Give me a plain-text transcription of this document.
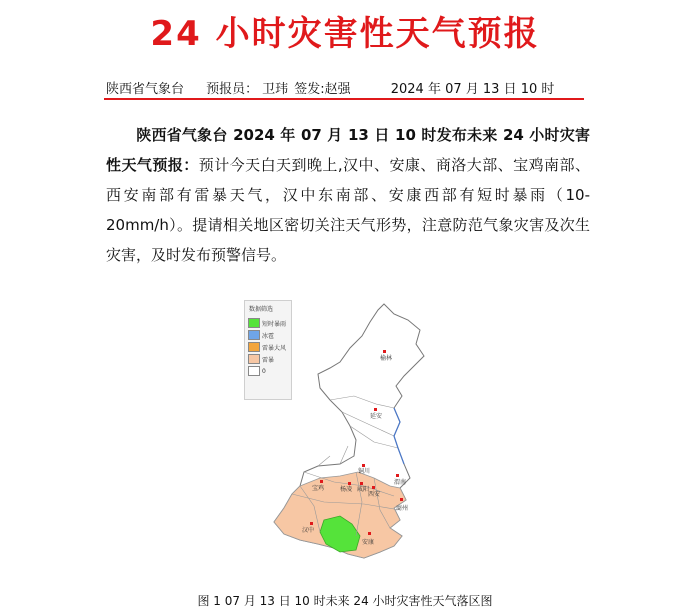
24 小时灾害性天气预报
陕西省气象台 预报员： 卫玮 签发:赵强	2024 年 07 月 13 日 10 时
陕西省气象台 2024 年 07 月 13 日 10 时发布未来 24 小时灾害性天气预报：预计今天白天到晚上,汉中、安康、商洛大部、宝鸡南部、西安南部有雷暴天气，汉中东南部、安康西部有短时暴雨（10-20mm/h）。提请相关地区密切关注天气形势，注意防范气象灾害及次生灾害，及时发布预警信号。
榆林
延安
铜川
渭南
宝鸡	杨凌 咸阳
西安
商州
汉中
安康
数据筛选
短时暴雨
冰雹
雷暴大风
雷暴
0
图 1 07 月 13 日 10 时未来 24 小时灾害性天气落区图
